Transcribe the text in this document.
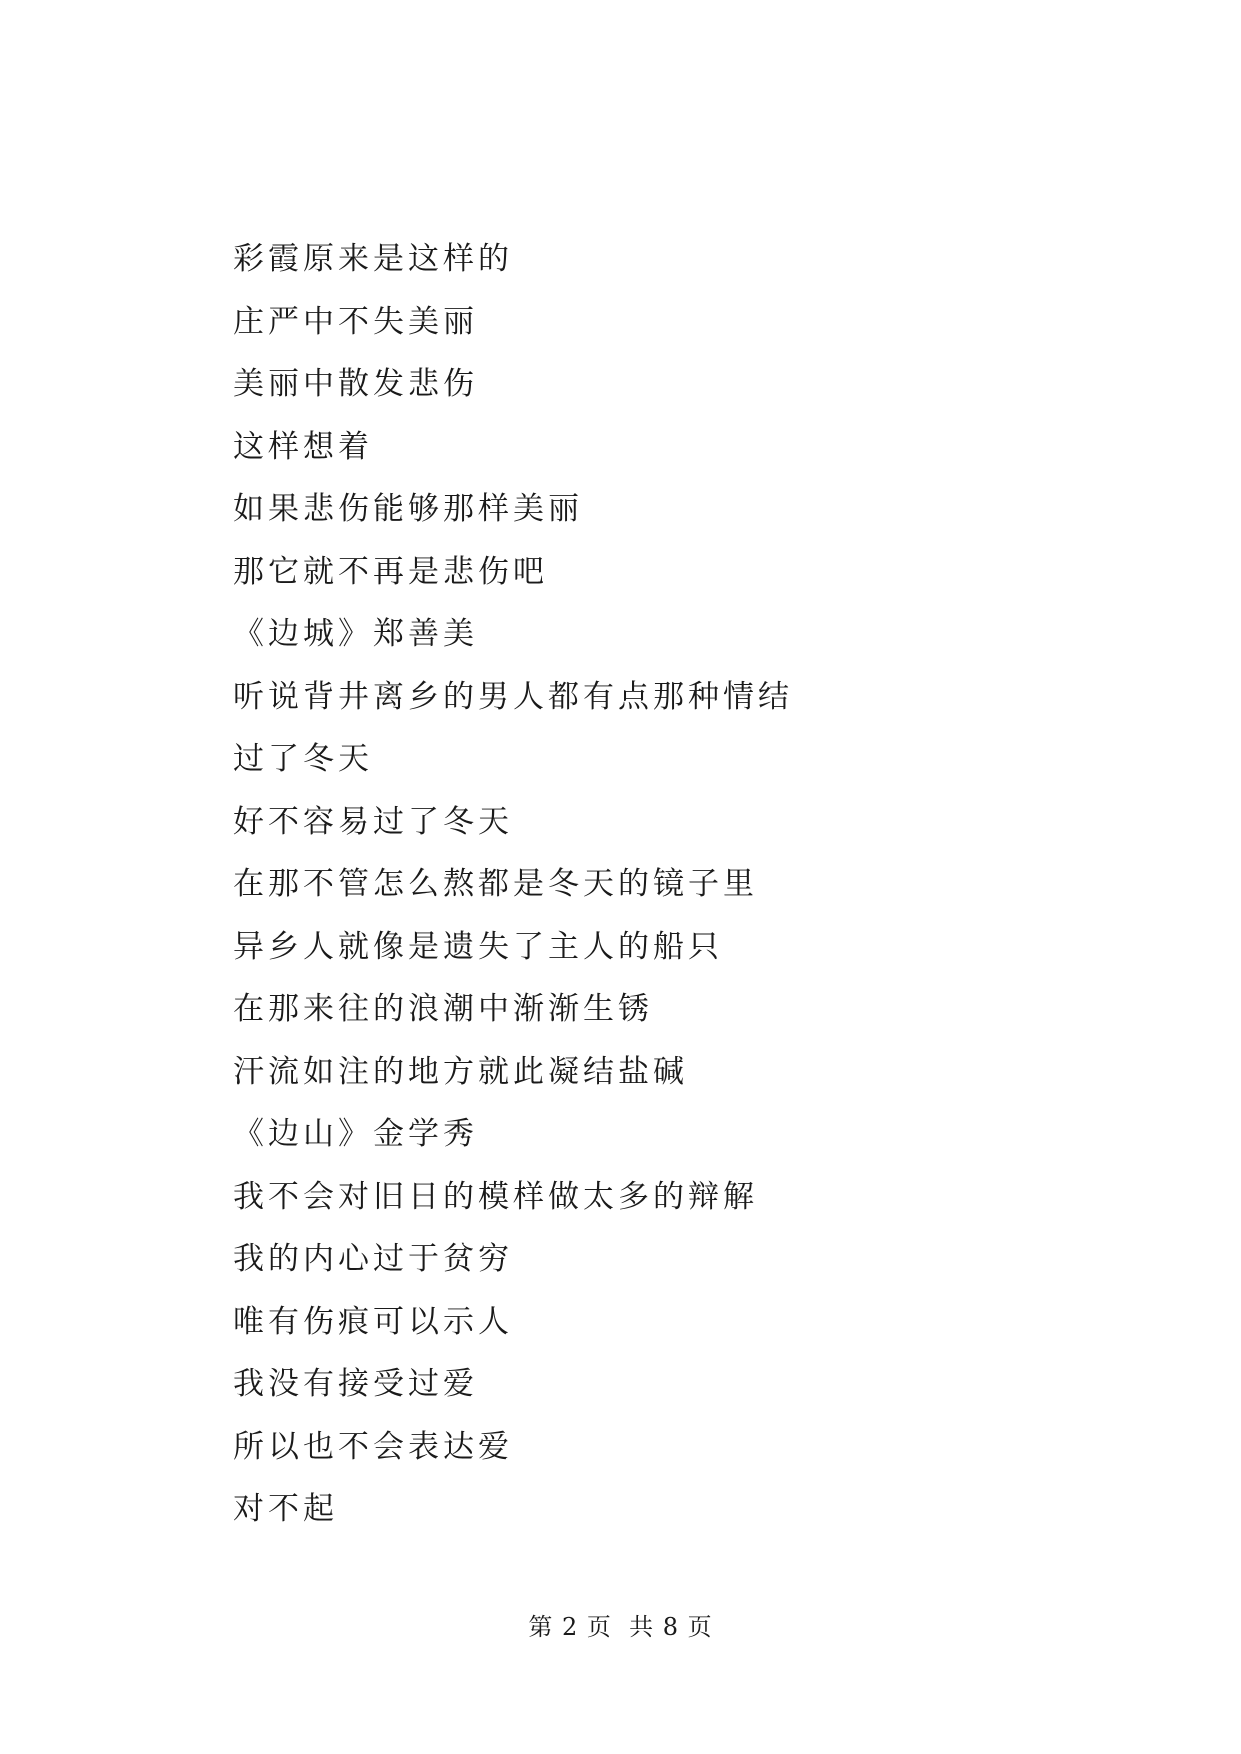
彩霞原来是这样的
庄严中不失美丽
美丽中散发悲伤
这样想着
如果悲伤能够那样美丽
那它就不再是悲伤吧
《边城》郑善美
听说背井离乡的男人都有点那种情结
过了冬天
好不容易过了冬天
在那不管怎么熬都是冬天的镜子里
异乡人就像是遗失了主人的船只
在那来往的浪潮中渐渐生锈
汗流如注的地方就此凝结盐碱
《边山》金学秀
我不会对旧日的模样做太多的辩解
我的内心过于贫穷
唯有伤痕可以示人
我没有接受过爱
所以也不会表达爱
对不起
第 2 页  共 8 页
